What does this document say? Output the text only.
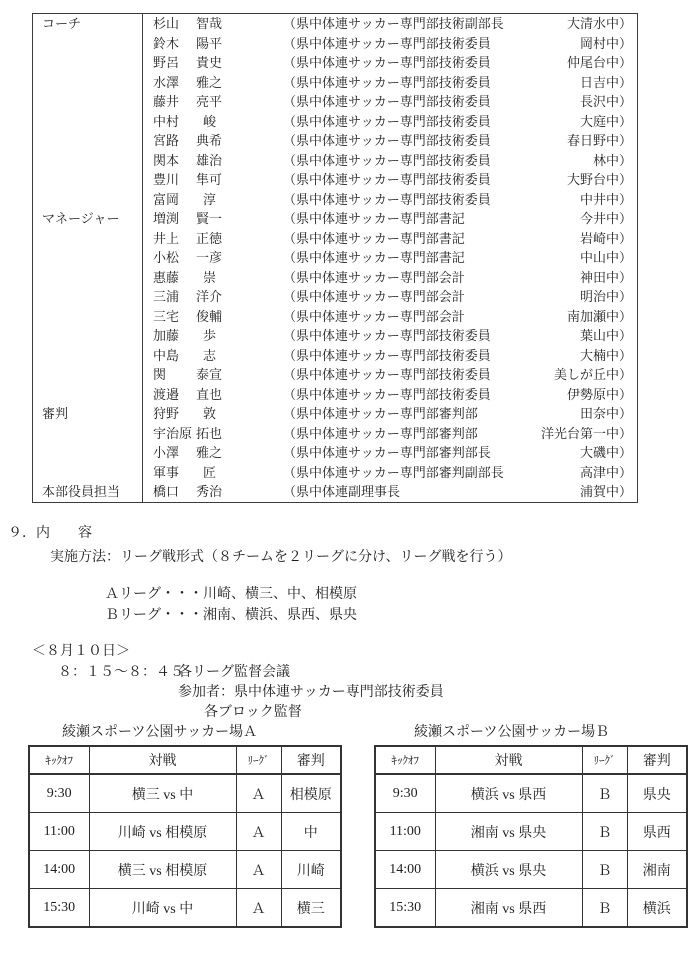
コーチ	杉山	智哉	（ 県中体連サッカー専門部技術副部長	大清水中 ）
鈴木	陽平	（ 県中体連サッカー専門部技術委員	岡村中 ）
野呂	貴史	（ 県中体連サッカー専門部技術委員	仲尾台中 ）
水澤	雅之	（ 県中体連サッカー専門部技術委員	日吉中 ）
藤井	亮平	（ 県中体連サッカー専門部技術委員	長沢中 ）
中村	峻	（ 県中体連サッカー専門部技術委員	大庭中 ）
宮路	典希	（ 県中体連サッカー専門部技術委員	春日野中 ）
関本	雄治	（ 県中体連サッカー専門部技術委員	林中 ）
豊川	隼可	（ 県中体連サッカー専門部技術委員	大野台中 ）
富岡	淳	（ 県中体連サッカー専門部技術委員	中井中 ）
マネージャー	増渕	賢一	（ 県中体連サッカー専門部書記	今井中 ）
井上	正徳	（ 県中体連サッカー専門部書記	岩崎中 ）
小松	一彦	（ 県中体連サッカー専門部書記	中山中 ）
惠藤	崇	（ 県中体連サッカー専門部会計	神田中 ）
三浦	洋介	（ 県中体連サッカー専門部会計	明治中 ）
三宅	俊輔	（ 県中体連サッカー専門部会計	南加瀬中 ）
加藤	歩	（ 県中体連サッカー専門部技術委員	葉山中 ）
中島	志	（ 県中体連サッカー専門部技術委員	大楠中 ）
関	泰宣	（ 県中体連サッカー専門部技術委員	美しが丘中 ）
渡邉	直也	（ 県中体連サッカー専門部技術委員	伊勢原中 ）
審判	狩野	敦	（ 県中体連サッカー専門部審判部	田奈中 ）
宇治原 拓也	（ 県中体連サッカー専門部審判部	洋光台第一中 ）
小澤	雅之	（ 県中体連サッカー専門部審判部長	大磯中 ）
軍事	匠	（ 県中体連サッカー専門部審判副部長	高津中 ）
本部役員担当	橋口	秀治	（ 県中体連副理事長	浦賀中 ）
９．内　　容
実施方法：リーグ戦形式（８チームを２リーグに分け、リーグ戦を行う）
Ａリーグ・・・川崎、横三、中、相模原
Ｂリーグ・・・湘南、横浜、県西、県央
＜８月１０日＞
８：１５～８：４５
各リーグ監督会議
参加者：県中体連サッカー専門部技術委員
各ブロック監督
綾瀬スポーツ公園サッカー場Ａ
ｷｯｸｵﾌ	対戦	ﾘｰｸﾞ	審判
9:30	横三 vs 中	Ａ	相模原
11:00	川崎 vs 相模原	Ａ	中
14:00	横三 vs 相模原	Ａ	川崎
15:30	川崎 vs 中	Ａ	横三
綾瀬スポーツ公園サッカー場Ｂ
ｷｯｸｵﾌ	対戦	ﾘｰｸﾞ	審判
9:30	横浜 vs 県西	Ｂ	県央
11:00	湘南 vs 県央	Ｂ	県西
14:00	横浜 vs 県央	Ｂ	湘南
15:30	湘南 vs 県西	Ｂ	横浜
